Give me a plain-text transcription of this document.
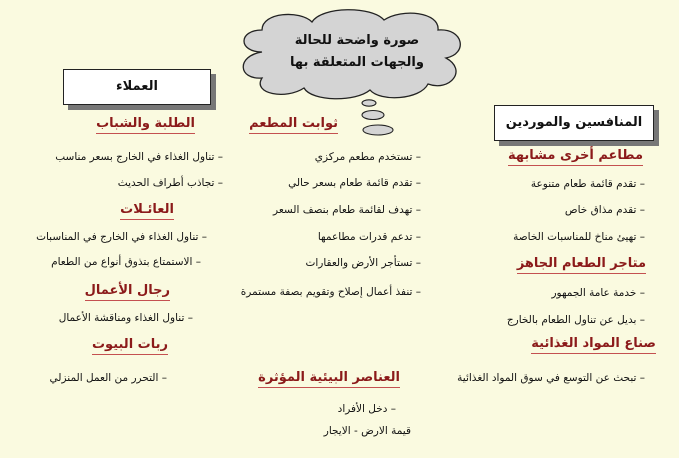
صورة واضحة للحالة
والجهات المتعلقة بها
العملاء
المنافسين والموردين
الطلبة والشباب
– تناول الغذاء في الخارج بسعر مناسب
– تجاذب أطراف الحديث
العائـلات
– تناول الغذاء في الخارج في المناسبات
– الاستمتاع بتذوق أنواع من الطعام
رجال الأعمال
– تناول الغذاء ومناقشة الأعمال
ربات البيوت
– التحرر من العمل المنزلي
ثوابت المطعم
– تستخدم مطعم مركزي
– تقدم قائمة طعام بسعر حالي
– تهدف لقائمة طعام بنصف السعر
– تدعم قدرات مطاعمها
– تستأجر الأرض والعقارات
– تنفذ أعمال إصلاح وتقويم بصفة مستمرة
العناصر البيئية المؤثرة
– دخل الأفراد
قيمة الارض - الايجار
مطاعم أخرى مشابهة
– تقدم قائمة طعام متنوعة
– تقدم مذاق خاص
– تهيئ مناخ للمناسبات الخاصة
متاجر الطعام الجاهز
– خدمة عامة الجمهور
– بديل عن تناول الطعام بالخارج
صناع المواد الغذائية
– تبحث عن التوسع في سوق المواد الغذائية
